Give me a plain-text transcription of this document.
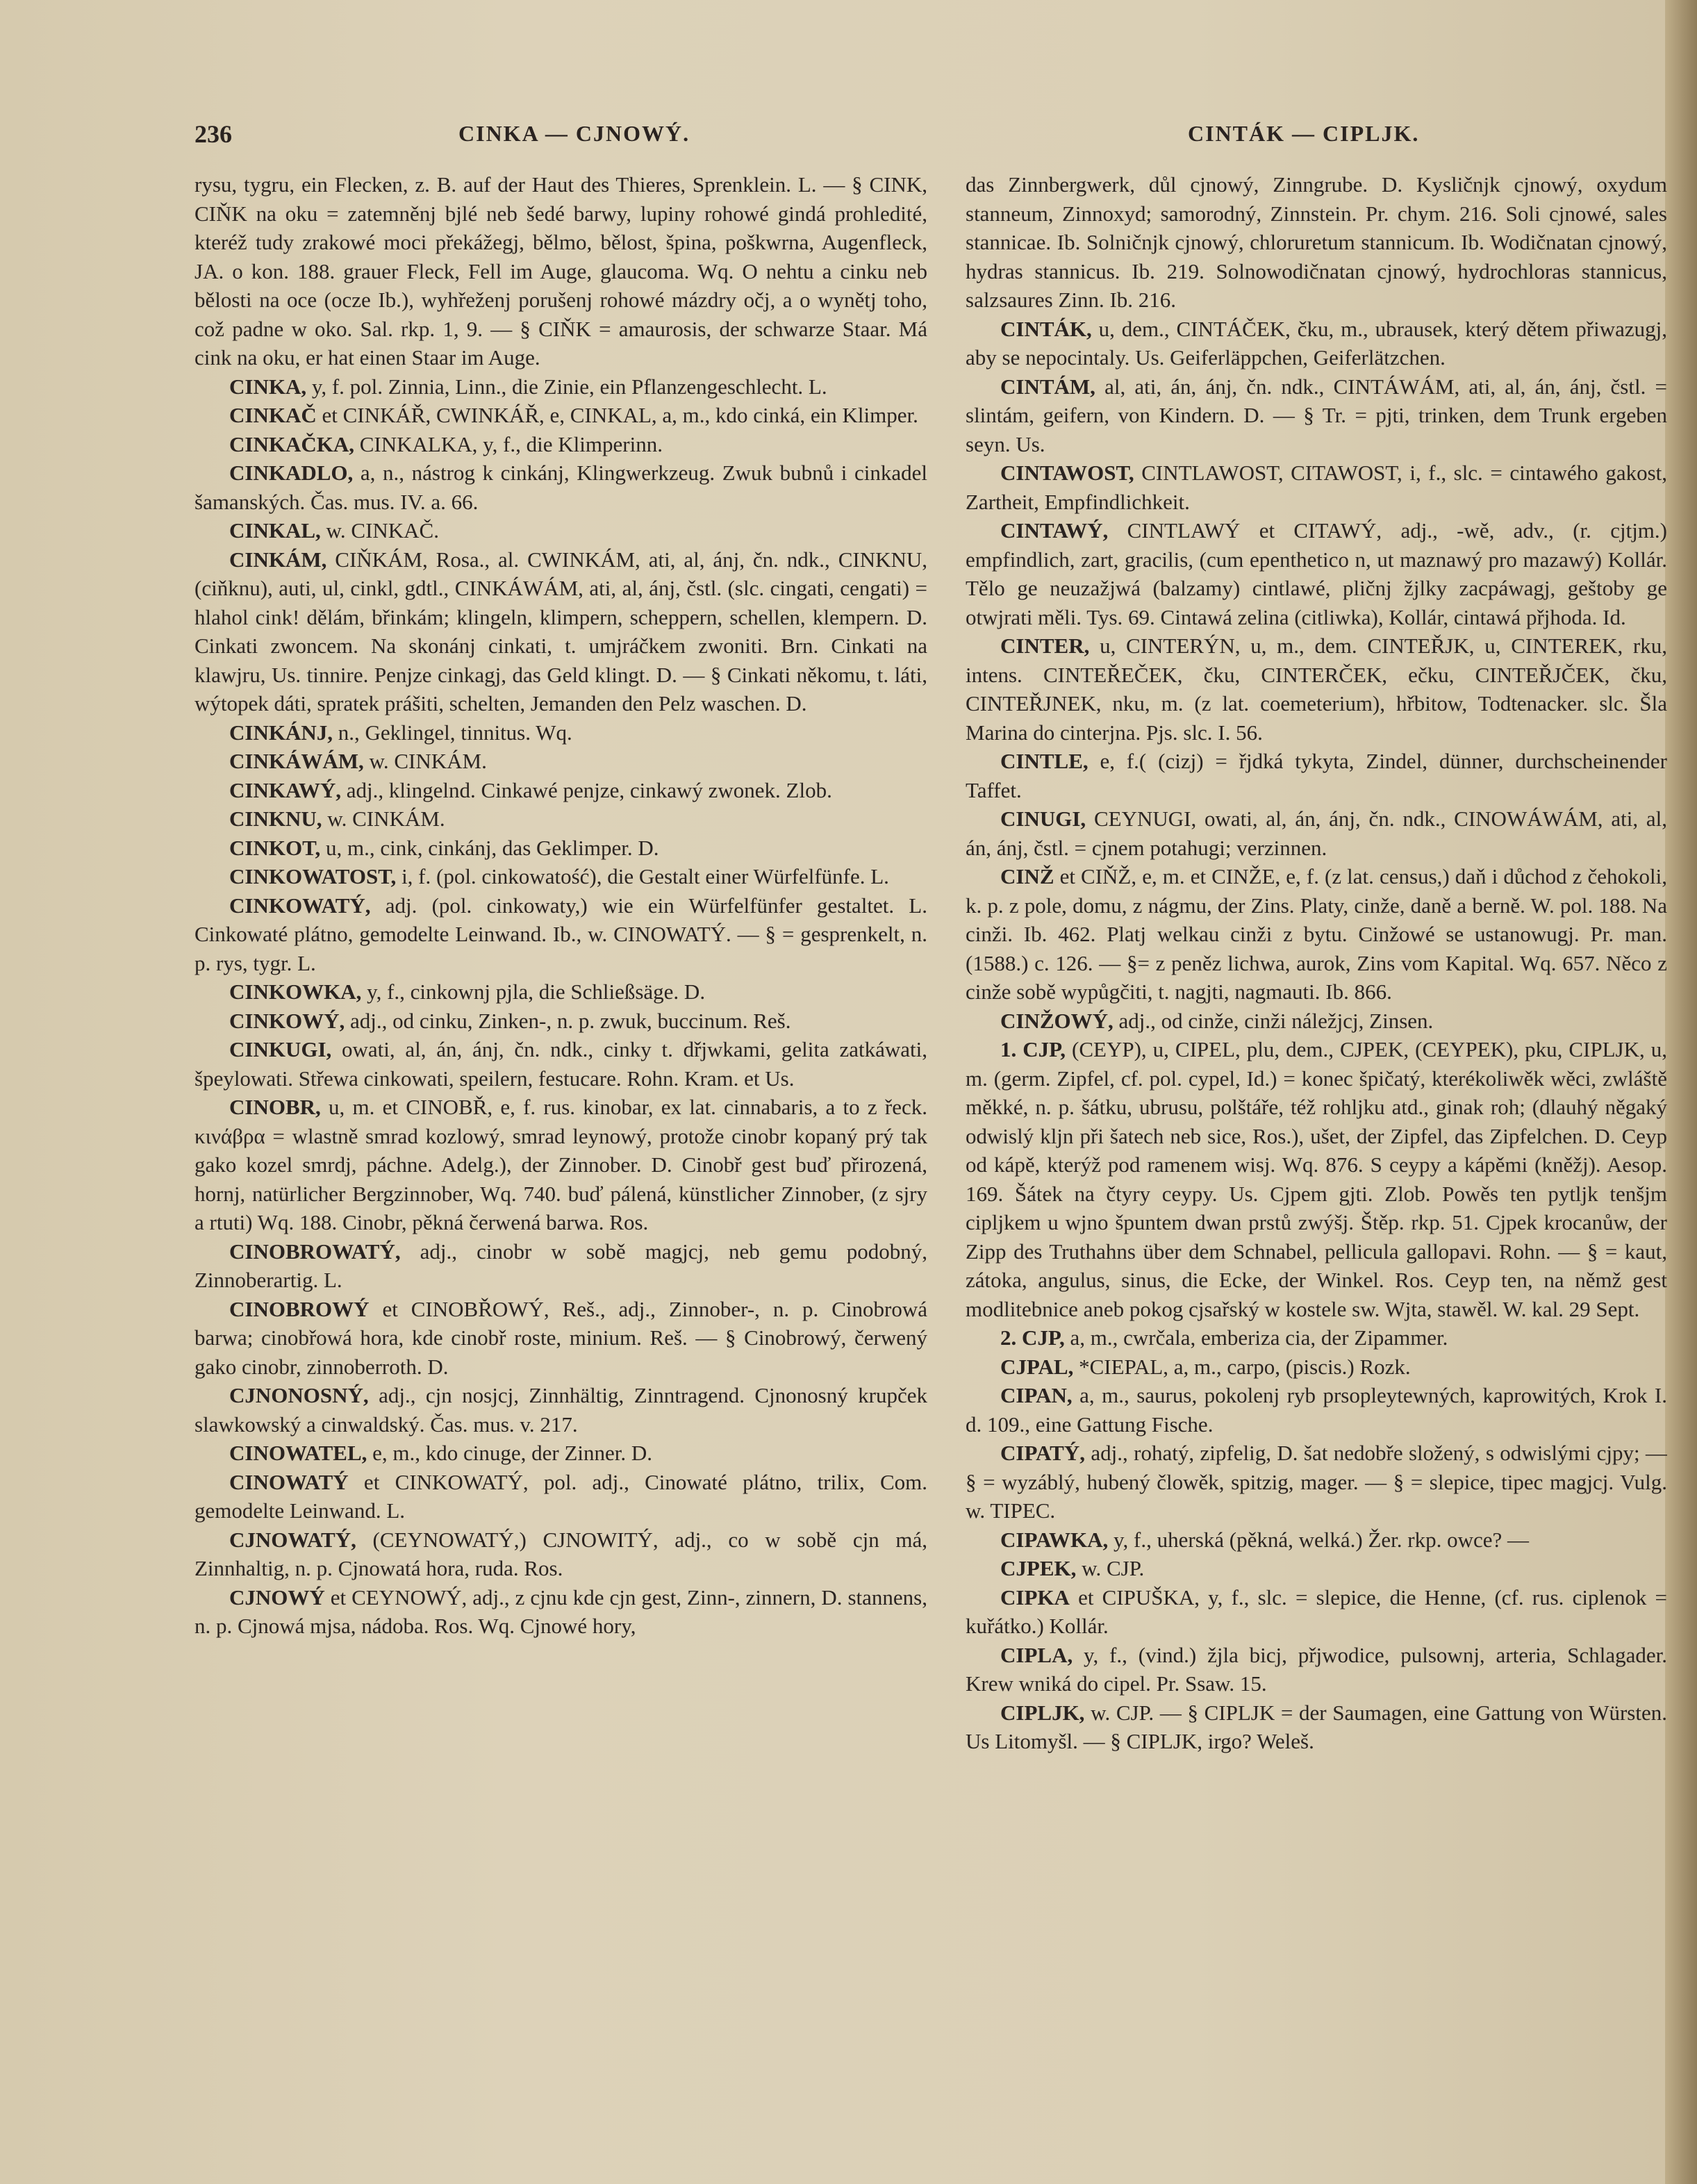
236	CINKA — CJNOWÝ.	CINTÁK — CIPLJK.

rysu, tygru, ein Flecken, z. B. auf der Haut des Thieres, Sprenklein. L. — § CINK, CIŇK na oku = zatemněnj bjlé neb šedé barwy, lupiny rohowé gindá prohledité, kteréž tudy zrakowé moci překážegj, bělmo, bělost, špina, poškwrna, Augenfleck, JA. o kon. 188. grauer Fleck, Fell im Auge, glaucoma. Wq. O nehtu a cinku neb bělosti na oce (ocze Ib.), wyhřeženj porušenj rohowé mázdry očj, a o wynětj toho, což padne w oko. Sal. rkp. 1, 9. — § CIŇK = amaurosis, der schwarze Staar. Má cink na oku, er hat einen Staar im Auge.

CINKA, y, f. pol. Zinnia, Linn., die Zinie, ein Pflanzengeschlecht. L.

CINKAČ et CINKÁŘ, CWINKÁŘ, e, CINKAL, a, m., kdo cinká, ein Klimper.

CINKAČKA, CINKALKA, y, f., die Klimperinn.

CINKADLO, a, n., nástrog k cinkánj, Klingwerkzeug. Zwuk bubnů i cinkadel šamanských. Čas. mus. IV. a. 66.

CINKAL, w. CINKAČ.

CINKÁM, CIŇKÁM, Rosa., al. CWINKÁM, ati, al, ánj, čn. ndk., CINKNU, (ciňknu), auti, ul, cinkl, gdtl., CINKÁWÁM, ati, al, ánj, čstl. (slc. cingati, cengati) = hlahol cink! dělám, břinkám; klingeln, klimpern, scheppern, schellen, klempern. D. Cinkati zwoncem. Na skonánj cinkati, t. umjráčkem zwoniti. Brn. Cinkati na klawjru, Us. tinnire. Penjze cinkagj, das Geld klingt. D. — § Cinkati někomu, t. láti, wýtopek dáti, spratek prášiti, schelten, Jemanden den Pelz waschen. D.

CINKÁNJ, n., Geklingel, tinnitus. Wq.

CINKÁWÁM, w. CINKÁM.

CINKAWÝ, adj., klingelnd. Cinkawé penjze, cinkawý zwonek. Zlob.

CINKNU, w. CINKÁM.

CINKOT, u, m., cink, cinkánj, das Geklimper. D.

CINKOWATOST, i, f. (pol. cinkowatość), die Gestalt einer Würfelfünfe. L.

CINKOWATÝ, adj. (pol. cinkowaty,) wie ein Würfelfünfer gestaltet. L. Cinkowaté plátno, gemodelte Leinwand. Ib., w. CINOWATÝ. — § = gesprenkelt, n. p. rys, tygr. L.

CINKOWKA, y, f., cinkownj pjla, die Schließsäge. D.

CINKOWÝ, adj., od cinku, Zinken-, n. p. zwuk, buccinum. Reš.

CINKUGI, owati, al, án, ánj, čn. ndk., cinky t. dřjwkami, gelita zatkáwati, špeylowati. Střewa cinkowati, speilern, festucare. Rohn. Kram. et Us.

CINOBR, u, m. et CINOBŘ, e, f. rus. kinobar, ex lat. cinnabaris, a to z řeck. κινάβρα = wlastně smrad kozlowý, smrad leynowý, protože cinobr kopaný prý tak gako kozel smrdj, páchne. Adelg.), der Zinnober. D. Cinobř gest buď přirozená, hornj, natürlicher Bergzinnober, Wq. 740. buď pálená, künstlicher Zinnober, (z sjry a rtuti) Wq. 188. Cinobr, pěkná čerwená barwa. Ros.

CINOBROWATÝ, adj., cinobr w sobě magjcj, neb gemu podobný, Zinnoberartig. L.

CINOBROWÝ et CINOBŘOWÝ, Reš., adj., Zinnober-, n. p. Cinobrowá barwa; cinobřowá hora, kde cinobř roste, minium. Reš. — § Cinobrowý, čerwený gako cinobr, zinnoberroth. D.

CJNONOSNÝ, adj., cjn nosjcj, Zinnhältig, Zinntragend. Cjnonosný krupček slawkowský a cinwaldský. Čas. mus. v. 217.

CINOWATEL, e, m., kdo cinuge, der Zinner. D.

CINOWATÝ et CINKOWATÝ, pol. adj., Cinowaté plátno, trilix, Com. gemodelte Leinwand. L.

CJNOWATÝ, (CEYNOWATÝ,) CJNOWITÝ, adj., co w sobě cjn má, Zinnhaltig, n. p. Cjnowatá hora, ruda. Ros.

CJNOWÝ et CEYNOWÝ, adj., z cjnu kde cjn gest, Zinn-, zinnern, D. stannens, n. p. Cjnowá mjsa, nádoba. Ros. Wq. Cjnowé hory,

das Zinnbergwerk, důl cjnowý, Zinngrube. D. Kysličnjk cjnowý, oxydum stanneum, Zinnoxyd; samorodný, Zinnstein. Pr. chym. 216. Soli cjnowé, sales stannicae. Ib. Solničnjk cjnowý, chloruretum stannicum. Ib. Wodičnatan cjnowý, hydras stannicus. Ib. 219. Solnowodičnatan cjnowý, hydrochloras stannicus, salzsaures Zinn. Ib. 216.

CINTÁK, u, dem., CINTÁČEK, čku, m., ubrausek, který dětem přiwazugj, aby se nepocintaly. Us. Geiferläppchen, Geiferlätzchen.

CINTÁM, al, ati, án, ánj, čn. ndk., CINTÁWÁM, ati, al, án, ánj, čstl. = slintám, geifern, von Kindern. D. — § Tr. = pjti, trinken, dem Trunk ergeben seyn. Us.

CINTAWOST, CINTLAWOST, CITAWOST, i, f., slc. = cintawého gakost, Zartheit, Empfindlichkeit.

CINTAWÝ, CINTLAWÝ et CITAWÝ, adj., -wě, adv., (r. cjtjm.) empfindlich, zart, gracilis, (cum epenthetico n, ut maznawý pro mazawý) Kollár. Tělo ge neuzažjwá (balzamy) cintlawé, pličnj žjlky zacpáwagj, geštoby ge otwjrati měli. Tys. 69. Cintawá zelina (citliwka), Kollár, cintawá přjhoda. Id.

CINTER, u, CINTERÝN, u, m., dem. CINTEŘJK, u, CINTEREK, rku, intens. CINTEŘEČEK, čku, CINTERČEK, ečku, CINTEŘJČEK, čku, CINTEŘJNEK, nku, m. (z lat. coemeterium), hřbitow, Todtenacker. slc. Šla Marina do cinterjna. Pjs. slc. I. 56.

CINTLE, e, f.( (cizj) = řjdká tykyta, Zindel, dünner, durchscheinender Taffet.

CINUGI, CEYNUGI, owati, al, án, ánj, čn. ndk., CINOWÁWÁM, ati, al, án, ánj, čstl. = cjnem potahugi; verzinnen.

CINŽ et CIŇŽ, e, m. et CINŽE, e, f. (z lat. census,) daň i důchod z čehokoli, k. p. z pole, domu, z nágmu, der Zins. Platy, cinže, daně a berně. W. pol. 188. Na cinži. Ib. 462. Platj welkau cinži z bytu. Cinžowé se ustanowugj. Pr. man. (1588.) c. 126. — §= z peněz lichwa, aurok, Zins vom Kapital. Wq. 657. Něco z cinže sobě wypůgčiti, t. nagjti, nagmauti. Ib. 866.

CINŽOWÝ, adj., od cinže, cinži náležjcj, Zinsen.

1. CJP, (CEYP), u, CIPEL, plu, dem., CJPEK, (CEYPEK), pku, CIPLJK, u, m. (germ. Zipfel, cf. pol. cypel, Id.) = konec špičatý, kterékoliwěk wěci, zwláště měkké, n. p. šátku, ubrusu, polštáře, též rohljku atd., ginak roh; (dlauhý něgaký odwislý kljn při šatech neb sice, Ros.), ušet, der Zipfel, das Zipfelchen. D. Ceyp od kápě, kterýž pod ramenem wisj. Wq. 876. S ceypy a kápěmi (kněžj). Aesop. 169. Šátek na čtyry ceypy. Us. Cjpem gjti. Zlob. Powěs ten pytljk tenšjm cipljkem u wjno špuntem dwan prstů zwýšj. Štěp. rkp. 51. Cjpek krocanůw, der Zipp des Truthahns über dem Schnabel, pellicula gallopavi. Rohn. — § = kaut, zátoka, angulus, sinus, die Ecke, der Winkel. Ros. Ceyp ten, na němž gest modlitebnice aneb pokog cjsařský w kostele sw. Wjta, stawěl. W. kal. 29 Sept.

2. CJP, a, m., cwrčala, emberiza cia, der Zipammer.

CJPAL, *CIEPAL, a, m., carpo, (piscis.) Rozk.

CIPAN, a, m., saurus, pokolenj ryb prsopleytewných, kaprowitých, Krok I. d. 109., eine Gattung Fische.

CIPATÝ, adj., rohatý, zipfelig, D. šat nedobře složený, s odwislými cjpy; — § = wyzáblý, hubený člowěk, spitzig, mager. — § = slepice, tipec magjcj. Vulg. w. TIPEC.

CIPAWKA, y, f., uherská (pěkná, welká.) Žer. rkp. owce? —

CJPEK, w. CJP.

CIPKA et CIPUŠKA, y, f., slc. = slepice, die Henne, (cf. rus. ciplenok = kuřátko.) Kollár.

CIPLA, y, f., (vind.) žjla bicj, přjwodice, pulsownj, arteria, Schlagader. Krew wniká do cipel. Pr. Ssaw. 15.

CIPLJK, w. CJP. — § CIPLJK = der Saumagen, eine Gattung von Würsten. Us Litomyšl. — § CIPLJK, irgo? Weleš.
